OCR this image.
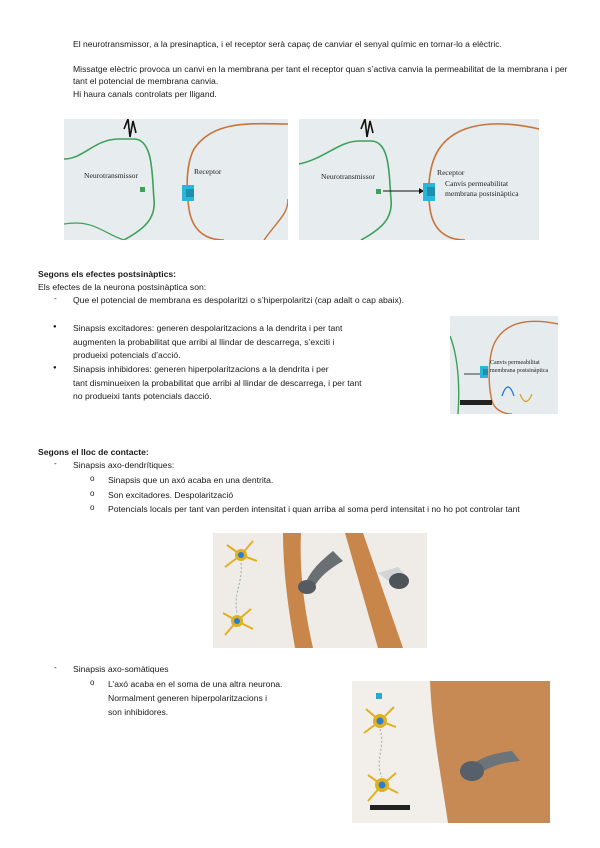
El neurotransmissor, a la presinaptica, i el receptor serà capaç de canviar el senyal químic en tornar-lo a elèctric.

Missatge elèctric provoca un canvi en la membrana per tant el receptor quan s’activa canvia la permeabilitat de la membrana i per tant el potencial de membrana canvia.

Hi haura canals controlats per lligand.

Neurotransmissor	Receptor
Neurotransmissor	Receptor
Canvis permeabilitat
membrana postsinàptica

Segons els efectes postsinàptics:

Els efectes de la neurona postsinàptica son:

- Que el potencial de membrana es despolaritzi o s’hiperpolaritzi (cap adalt o cap abaix).

● Sinapsis excitadores: generen despolaritzacions a la dendrita i per tant

augmenten la probabilitat que arribi al llindar de descarrega, s’exciti i

produeixi potencials d’acció.

● Sinapsis inhibidores: generen hiperpolaritzacions a la dendrita i per

tant disminueixen la probabilitat que arribi al llindar de descarrega, i per tant

no produeixi tants potencials dacció.

Canvis permeabilitat
membrana postsinàptica

Segons el lloc de contacte:

- Sinapsis axo-dendrítiques:

o Sinapsis que un axó acaba en una dentrita.

o Son excitadores. Despolarització

o Potencials locals per tant van perden intensitat i quan arriba al soma perd intensitat i no ho pot controlar tant

- Sinapsis axo-somàtiques

o L’axó acaba en el soma de una altra neurona.

Normalment generen hiperpolaritzacions i

son inhibidores.
